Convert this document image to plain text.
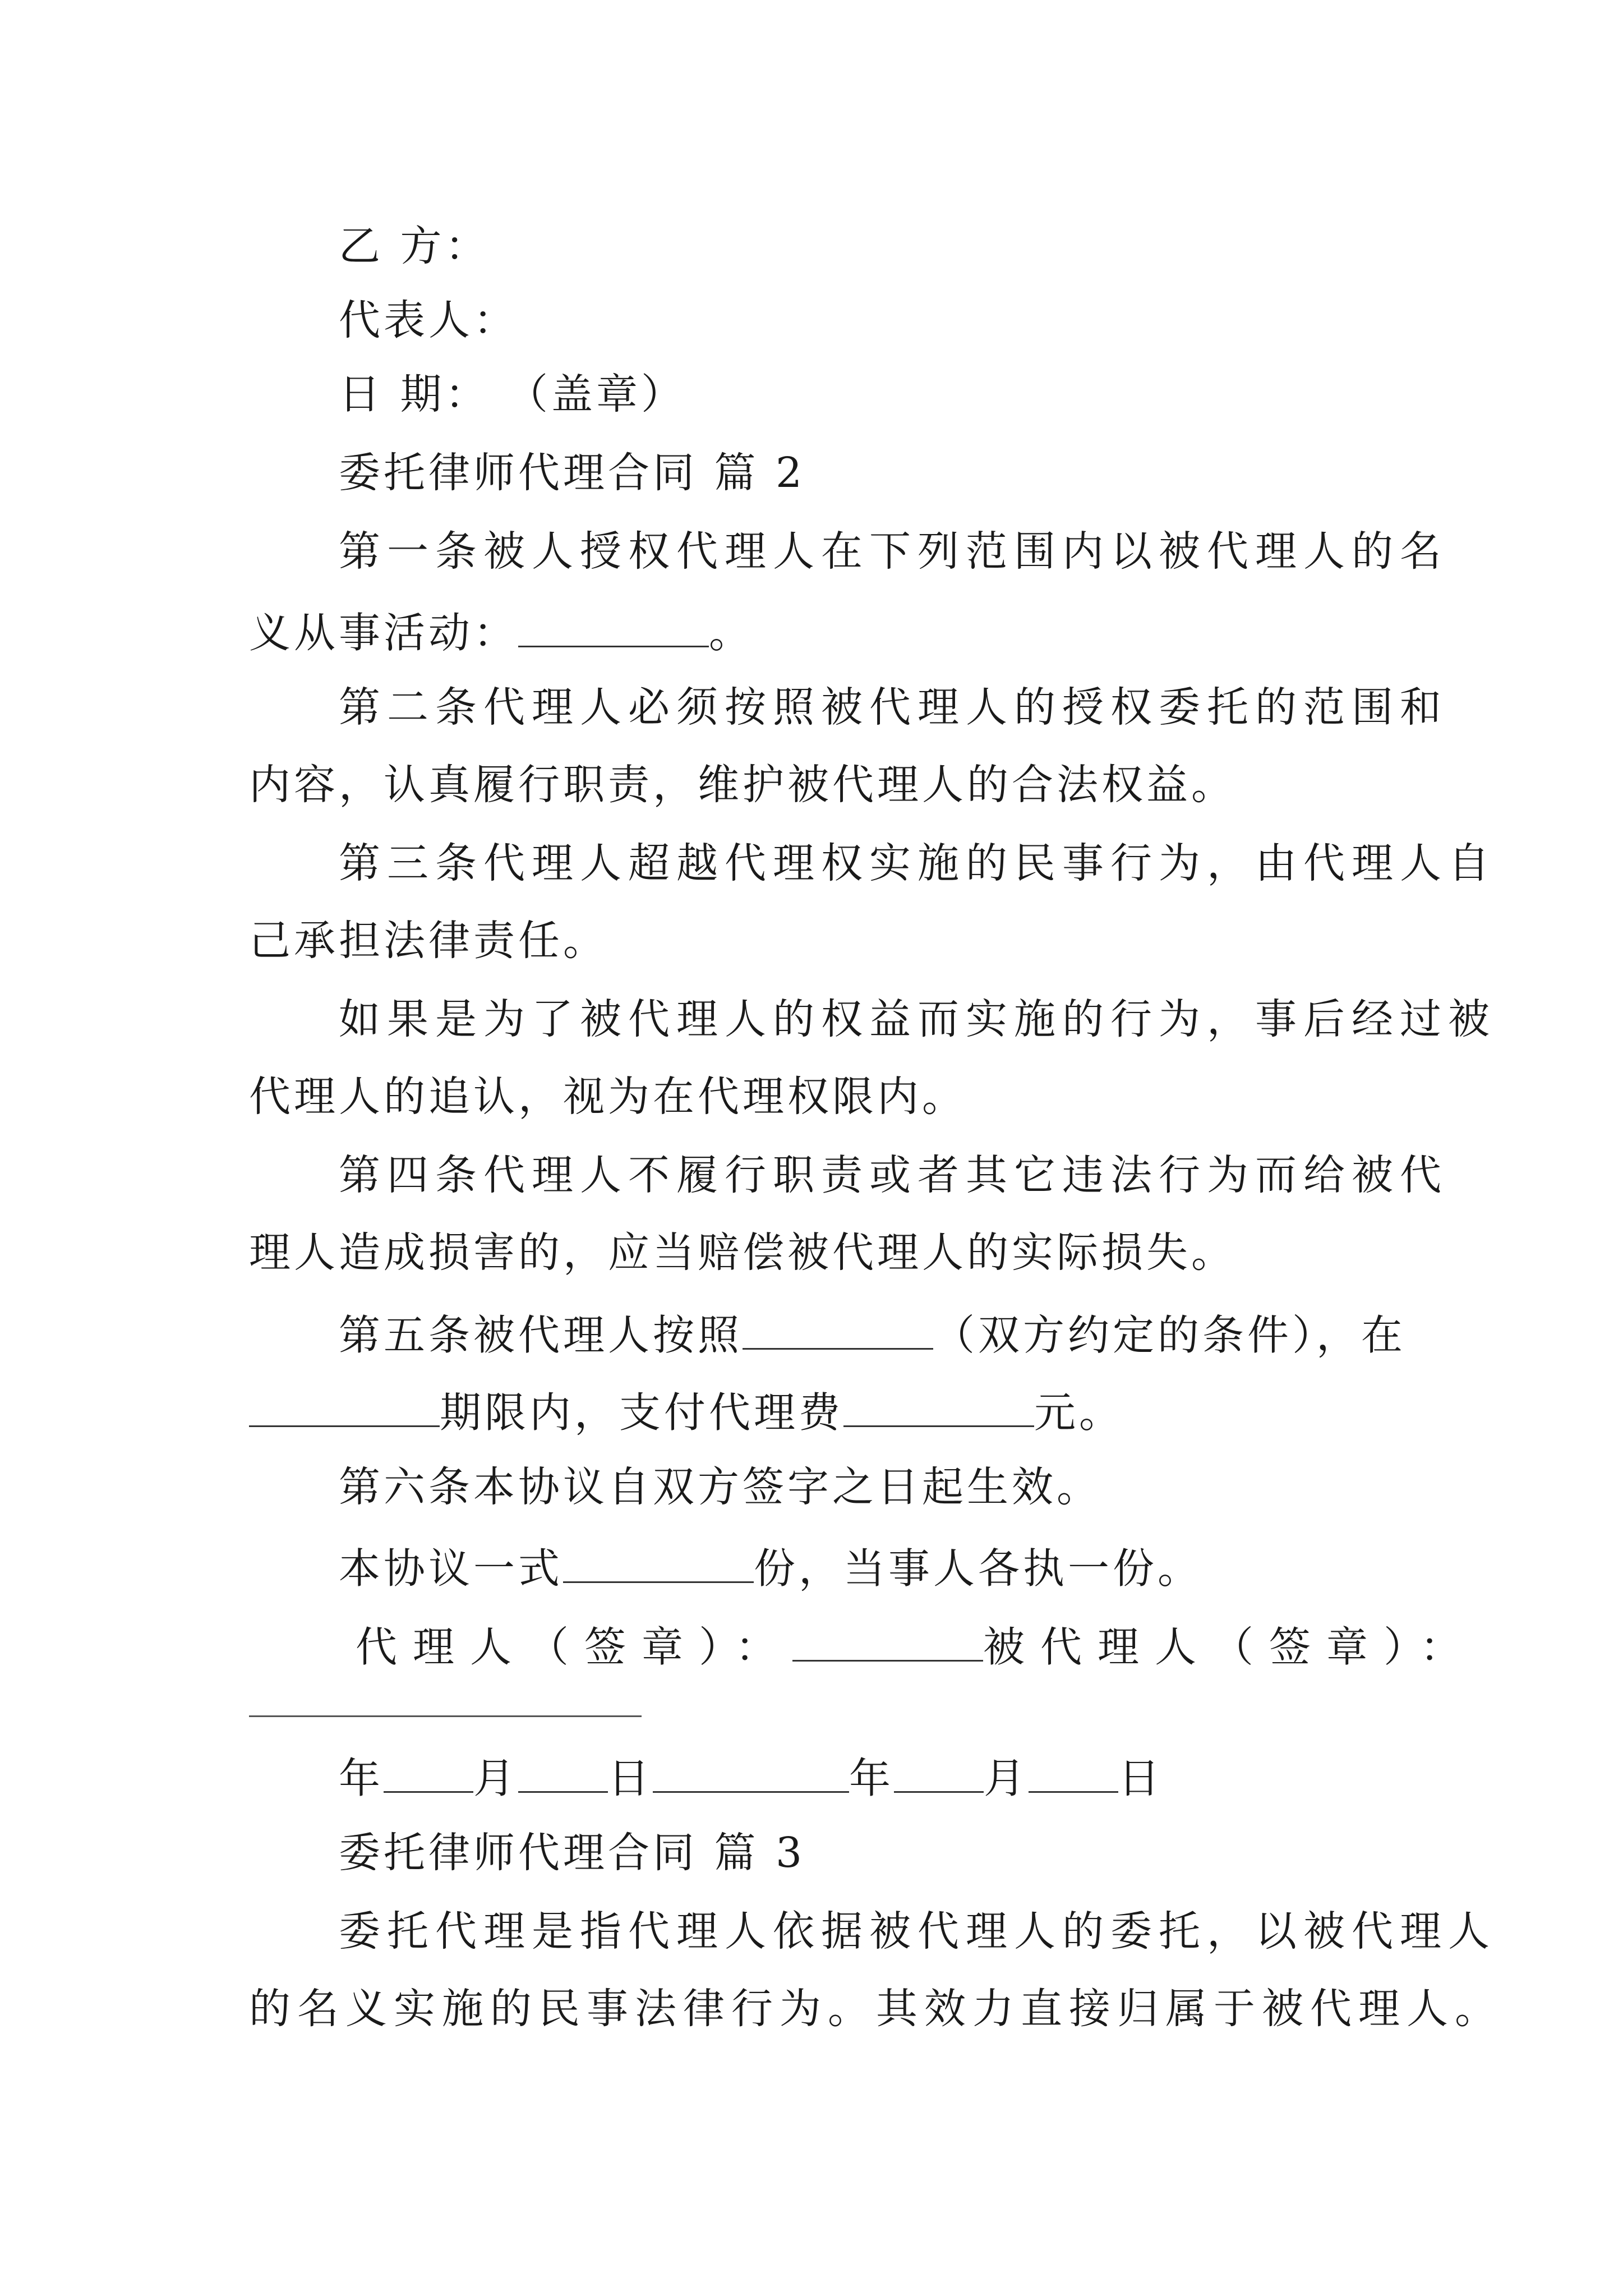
乙 方：
代表人：
日 期： （盖章）
委托律师代理合同 篇 2
第一条被人授权代理人在下列范围内以被代理人的名
义从事活动：	。
第二条代理人必须按照被代理人的授权委托的范围和
内容，认真履行职责，维护被代理人的合法权益。
第三条代理人超越代理权实施的民事行为，由代理人自
己承担法律责任。
如果是为了被代理人的权益而实施的行为，事后经过被
代理人的追认，视为在代理权限内。
第四条代理人不履行职责或者其它违法行为而给被代
理人造成损害的，应当赔偿被代理人的实际损失。
第五条被代理人按照	（双方约定的条件），在
期限内，支付代理费	元。
第六条本协议自双方签字之日起生效。
本协议一式	份，当事人各执一份。
代理人（签章）：	被代理人（签章）：
年 月 日	年 月 日
委托律师代理合同 篇 3
委托代理是指代理人依据被代理人的委托，以被代理人
的名义实施的民事法律行为。其效力直接归属于被代理人。
